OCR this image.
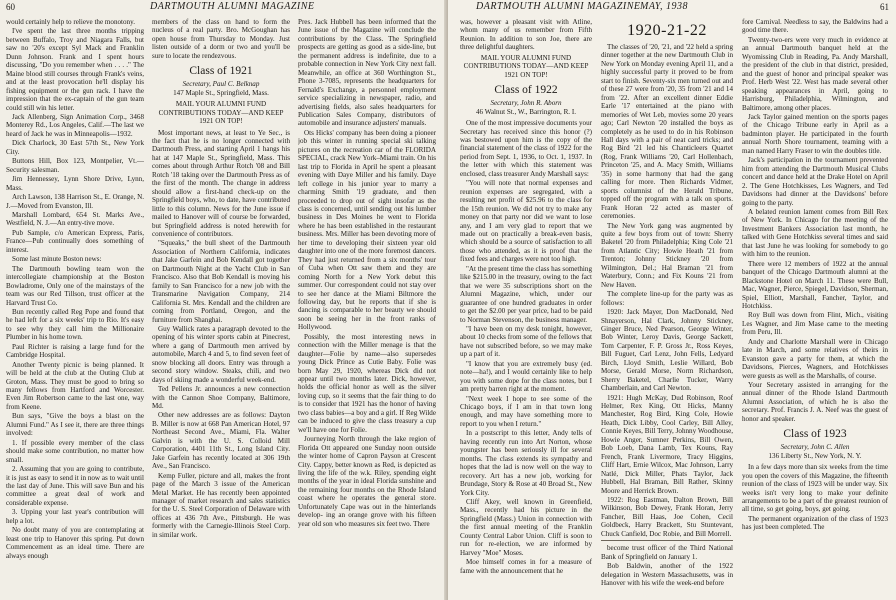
60	DARTMOUTH ALUMNI MAGAZINE

would certainly help to relieve the monotony.

I've spent the last three months tripping between Buffalo, Troy and Niagara Falls, but saw no '20's except Syl Mack and Franklin Dunn Johnson. Frank and I spent hours discussing, "Do you remember when . . . ." The Maine blood still courses through Frank's veins, and at the least provocation he'll display his fishing equipment or the gun rack. I have the impression that the ex-captain of the gun team could still win his letter.

Jack Allenberg, Sign Animation Corp., 3468 Monterey Rd., Los Angeles, Calif.—The last we heard of Jack he was in Minneapolis—1932.

Dick Charlock, 30 East 57th St., New York City.

Buttons Hill, Box 123, Montpelier, Vt.—Security salesman.

Jim Hennessey, Lynn Shore Drive, Lynn, Mass.

Arch Lawson, 138 Harrison St., E. Orange, N. J.—Moved from Evanston, Ill.

Marshall Lombard, 654 St. Marks Ave., Westfield, N. J.—An entry-tive move.

Pub Sample, c/o American Express, Paris, France—Pub continually does something of interest.

Some last minute Boston news:

The Dartmouth bowling team won the intercollegiate championship at the Boston Bowladrome, Only one of the mainstays of the team was our Red Tillson, trust officer at the Harvard Trust Co.

Bun recently called Reg Pope and found that he had left for a six weeks' trip to Rio. It's easy to see why they call him the Millionaire Plumber in his home town.

Paul Richter is raising a large fund for the Cambridge Hospital.

Another Twenty picnic is being planned. It will be held at the club at the Outing Club at Groton, Mass. They must be good to bring so many fellows from Hartford and Worcester. Even Jim Robertson came to the last one, way from Keene.

Bun says, "Give the boys a blast on the Alumni Fund." As I see it, there are three things involved:

1. If possible every member of the class should make some contribution, no matter how small.

2. Assuming that you are going to contribute, it is just as easy to send it in now as to wait until the last day of June. This will save Bun and his committee a great deal of work and considerable expense.

3. Upping your last year's contribution will help a lot.

No doubt many of you are contemplating at least one trip to Hanover this spring. Put down Commencement as an ideal time. There are always enough

members of the class on hand to form the nucleus of a real party. Bro. McGoughan has open house from Thursday to Monday. Just listen outside of a dorm or two and you'll be sure to locate the rendezvous.

Class of 1921

Secretary, Paul C. Belknap

147 Maple St., Springfield, Mass.

MAIL YOUR ALUMNI FUND CONTRIBUTIONS TODAY—AND KEEP 1921 ON TOP!

Most important news, at least to Ye Sec., is the fact that he is no longer connected with Dartmouth Press, and starting April 1 hangs his hat at 147 Maple St., Springfield, Mass. This comes about through Arthur Rotch '08 and Bill Rotch '18 taking over the Dartmouth Press as of the first of the month. The change in address should allow a first-hand check-up on the Springfield boys, who, to date, have contributed little to this column. News for the June issue if mailed to Hanover will of course be forwarded, but Springfield address is noted herewith for convenience of contributors.

"Squeaks," the bull sheet of the Dartmouth Association of Northern California, indicates that Jake Garfein and Bob Kendall got together on Dartmouth Night at the Yacht Club in San Francisco. Also that Bob Kendall is moving his family to San Francisco for a new job with the Transmarine Navigation Company, 214 California St. Mrs. Kendall and the children are coming from Portland, Oregon, and the furniture from Shanghai.

Guy Wallick rates a paragraph devoted to the opening of his winter sports cabin at Pinecrest, where a gang of Dartmouth men arrived by automobile, March 4 and 5, to find seven feet of snow blocking all doors. Entry was through a second story window. Steaks, chili, and two days of skiing made a wonderful week-end.

Ted Pellens Jr. announces a new connection with the Cannon Shoe Company, Baltimore, Md.

Other new addresses are as follows: Dayton B. Miller is now at 668 Pan American Hotel, 97 Northeast Second Ave., Miami, Fla. Walter Galvin is with the U. S. Colloid Mill Corporation, 4401 11th St., Long Island City. Jake Garfein has recently located at 306 19th Ave., San Francisco.

Kemp Fuller, picture and all, makes the front page of the March 3 issue of the American Metal Market. He has recently been appointed manager of market research and sales statistics for the U. S. Steel Corporation of Delaware with offices at 436 7th Ave., Pittsburgh. He was formerly with the Carnegie-Illinois Steel Corp. in similar work.

Pres. Jack Hubbell has been informed that the June issue of the Magazine will conclude the contributions by the Class. The Springfield prospects are getting as good as a side-line, but the permanent address is indefinite, due to a probable connection in New York City next fall. Meanwhile, an office at 360 Worthington St., Phone 3-7085, represents the headquarters for Fernald's Exchange, a personnel employment service specializing in newspaper, radio, and advertising fields, also sales headquarters for Publication Sales Company, distributors of automobile and insurance adjusters' manuals.

Ots Hicks' company has been doing a pioneer job this winter in running special ski talking pictures on the recreation car of the FLORIDA SPECIAL, crack New York–Miami train. On his last trip to Florida in April he spent a pleasant evening with Daye Miller and his family. Daye left college in his junior year to marry a charming Smith '19 graduate, and then proceeded to drop out of sight insofar as the class is concerned, until sending out his lumber business in Des Moines he went to Florida where he has been established in the restaurant business. Mrs. Miller has been devoting more of her time to developing their sixteen year old daughter into one of the more foremost dancers. They had just returned from a six months' tour of Cuba when Ott saw them and they are coming North for a New York debut this summer. Our correspondent could not stay over to see her dance at the Miami Biltmore the following day, but he reports that if she is dancing is comparable to her beauty we should soon be seeing her in the front ranks of Hollywood.

Possibly, the most interesting news in connection with the Miller menage is that the daughter—Folie by name—also supersedes young Dick Prince as Cutie Baby. Folie was born May 29, 1920, whereas Dick did not appear until two months later. Dick, however, holds the official honor as well as the silver loving cup, so it seems that the fair thing to do is to consider that 1921 has the honor of having two class babies—a boy and a girl. If Reg Wilde can be induced to give the class treasury a cup we'll have one for Folie.

Journeying North through the lake region of Florida Ott appeared one Sunday noon outside the winter home of Capron Payson at Crescent City. Cappy, better known as Red, is depicted as living the life of the w.k. Riley, spending eight months of the year in ideal Florida sunshine and the remaining four months on the Rhode Island coast where he operates the general store. Unfortunately Cape was out in the hinterlands develop- ing an orange grove with his fifteen year old son who measures six feet two. There

DARTMOUTH ALUMNI MAGAZINE MAY, 1938	61

was, however a pleasant visit with Atline, whom many of us remember from Fifth Reunion. In addition to son Joe, there are three delightful daughters.

MAIL YOUR ALUMNI FUND CONTRIBUTIONS TODAY—AND KEEP 1921 ON TOP!

Class of 1922

Secretary, John R. Aborn

46 Walnut St., W., Barrington, R. I.

One of the most impressive documents your Secretary has received since this honor (?) was bestowed upon him is the copy of the financial statement of the class of 1922 for the period from Sept. 1, 1936, to Oct. 1, 1937. In the letter with which this statement was enclosed, class treasurer Andy Marshall says:

"You will note that normal expenses and reunion expenses are segregated, with a resulting net profit of $25.96 to the class for the 15th reunion. We did not try to make any money on that party nor did we want to lose any, and I am very glad to report that we made out on practically a break-even basis, which should be a source of satisfaction to all those who attended, as it is proof that the fixed fees and charges were not too high.

"At the present time the class has something like $215.00 in the treasury, owing to the fact that we were 35 subscriptions short on the Alumni Magazine, which, under our guarantee of one hundred graduates in order to get the $2.00 per year price, had to be paid to Norman Stevenson, the business manager.

"I have been on my desk tonight, however, about 10 checks from some of the fellows that have not subscribed before, so we may make up a part of it.

"I know that you are extremely busy (ed. note—ha!), and I would certainly like to help you with some dope for the class notes, but I am pretty barren right at the moment.

"Next week I hope to see some of the Chicago boys, if I am in that town long enough, and may have something more to report to you when I return."

In a postscript to this letter, Andy tells of having recently run into Art Norton, whose youngster has been seriously ill for several months. The class extends its sympathy and hopes that the lad is now well on the way to recovery. Art has a new job, working for Brundage, Story & Rose at 40 Broad St., New York City.

Cliff Akey, well known in Greenfield, Mass., recently had his picture in the Springfield (Mass.) Union in connection with the first annual meeting of the Franklin County Central Labor Union. Cliff is soon to run for re-election, we are informed by Harvey "Moe" Moses.

Moe himself comes in for a measure of fame with the announcement that he

1920-21-22

The classes of '20, '21, and '22 held a spring dinner together at the new Dartmouth Club in New York on Monday evening April 11, and a highly successful party it proved to be from start to finish. Seventy-six men turned out and of these 27 were from '20, 35 from '21 and 14 from '22. After an excellent dinner Eddie Earle '17 entertained at the piano with memories of Wet Leb, movies some 20 years ago; Carl Newton '20 installed the boys as completely as he used to do in his Robinson Hall days with a pair of neat card tricks; and Rog Bird '21 led his Chanticleers Quartet (Rog, Frank Williams '20, Carl Hollenbach, Princeton '25, and A. Macy Smith, Williams '35) in some harmony that had the gang calling for more. Then Richards Vidmer, sports columnist of the Herald Tribune, topped off the program with a talk on sports. Frank Horan '22 acted as master of ceremonies.

The New York gang was augmented by quite a few boys from out of town: Sherry Baketel '20 from Philadelphia; King Cole '21 from Atlantic City; Howie Heath '21 from Trenton; Johnny Stickney '20 from Wilmington, Del.; Hal Braman '21 from Waterbury, Conn.; and Fix Kouns '21 from New Haven.

The complete line-up for the party was as follows:

1920: Jack Mayer, Don MacDonald, Ned Shnayerson, Hal Clark, Johnny Stickney, Ginger Bruce, Ned Pearson, George Winter, Bob Winter, Leroy Davis, George Sackett, Tom Carpenter, F. P. Gross Jr., Ross Keyes, Bill Fuguet, Carl Lenz, John Fells, Ledyard Birch, Lloyd Smith, Leslie Willard, Bob Morse, Gerald Morse, Norm Richardson, Sherry Baketel, Charlie Tucker, Warry Chamberlain, and Carl Newton.

1921: Hugh McKay, Dud Robinson, Roof Helmer, Rex King, Ott Hicks, Manny Manchester, Rog Bird, King Cole, Howie Heath, Dick Libby, Cool Carley, Bill Alley, Connie Keyes, Bill Terry, Johnny Woodhouse, Howie Anger, Sumner Perkins, Bill Owen, Bob Loeb, Dana Lamb, Tex Kouns, Ray French, Frank Livermore, Tracy Higgins, Cliff Hart, Ernie Wilcox, Mac Johnson, Larry Natlé, Dick Miller, Phats Taylor, Jack Hubbell, Hal Braman, Bill Rather, Skinny Moore and Herrick Brown.

1922: Rog Eastman, Dalton Brown, Bill Wilkinson, Bob Dewey, Frank Horan, Jerry Fancher, Bill Haas, Joe Cohen, Cecil Goldbeck, Harry Brackett, Stu Stuntevant, Chuck Canfield, Doc Robie, and Bill Morrell.

become trust officer of the Third National Bank of Springfield on January 1.

Bob Baldwin, another of the 1922 delegation in Western Massachusetts, was in Hanover with his wife the week-end before

fore Carnival. Needless to say, the Baldwins had a good time there.

Twenty-two-ers were very much in evidence at an annual Dartmouth banquet held at the Wyomissing Club in Reading, Pa. Andy Marshall, the president of the club in that district, presided, and the guest of honor and principal speaker was Prof. Herb West '22. West has made several other speaking appearances in April, going to Harrisburg, Philadelphia, Wilmington, and Baltimore, among other places.

Jack Taylor gained mention on the sports pages of the Chicago Tribune early in April as a badminton player. He participated in the fourth annual North Shore tournament, teaming with a man named Harry Fraser to win the doubles title.

Jack's participation in the tournament prevented him from attending the Dartmouth Musical Clubs concert and dance held at the Drake Hotel on April 2. The Gene Hotchkisses, Les Wagners, and Ted Davidsons had dinner at the Davidsons' before going to the party.

A belated reunion lament comes from Bill Rex of New York. In Chicago for the meeting of the Investment Bankers Association last month, he talked with Gene Hotchkiss several times and said that last June he was looking for somebody to go with him to the reunion.

There were 12 members of 1922 at the annual banquet of the Chicago Dartmouth alumni at the Blackstone Hotel on March 11. These were Bull, Mac, Wagner, Pierce, Spiegel, Davidson, Sherman, Spiel, Elliott, Marshall, Fancher, Taylor, and Hotchkiss.

Roy Bull was down from Flint, Mich., visiting Les Wagner, and Jim Mase came to the meeting from Peru, Ill.

Andy and Charlotte Marshall were in Chicago late in March, and some relatives of theirs in Evanston gave a party for them, at which the Davidsons, Pierces, Wagners, and Hotchkisses were guests as well as the Marshalls, of course.

Your Secretary assisted in arranging for the annual dinner of the Rhode Island Dartmouth Alumni Association, of which he is also the secretary. Prof. Francis J. A. Neef was the guest of honor and speaker.

Class of 1923

Secretary, John C. Allen

136 Liberty St., New York, N. Y.

In a few days more than six weeks from the time you open the covers of this Magazine, the fifteenth reunion of the class of 1923 will be under way. Six weeks isn't very long to make your definite arrangements to be a part of the greatest reunion of all time, so get going, boys, get going.

The permanent organization of the class of 1923 has just been completed. The
